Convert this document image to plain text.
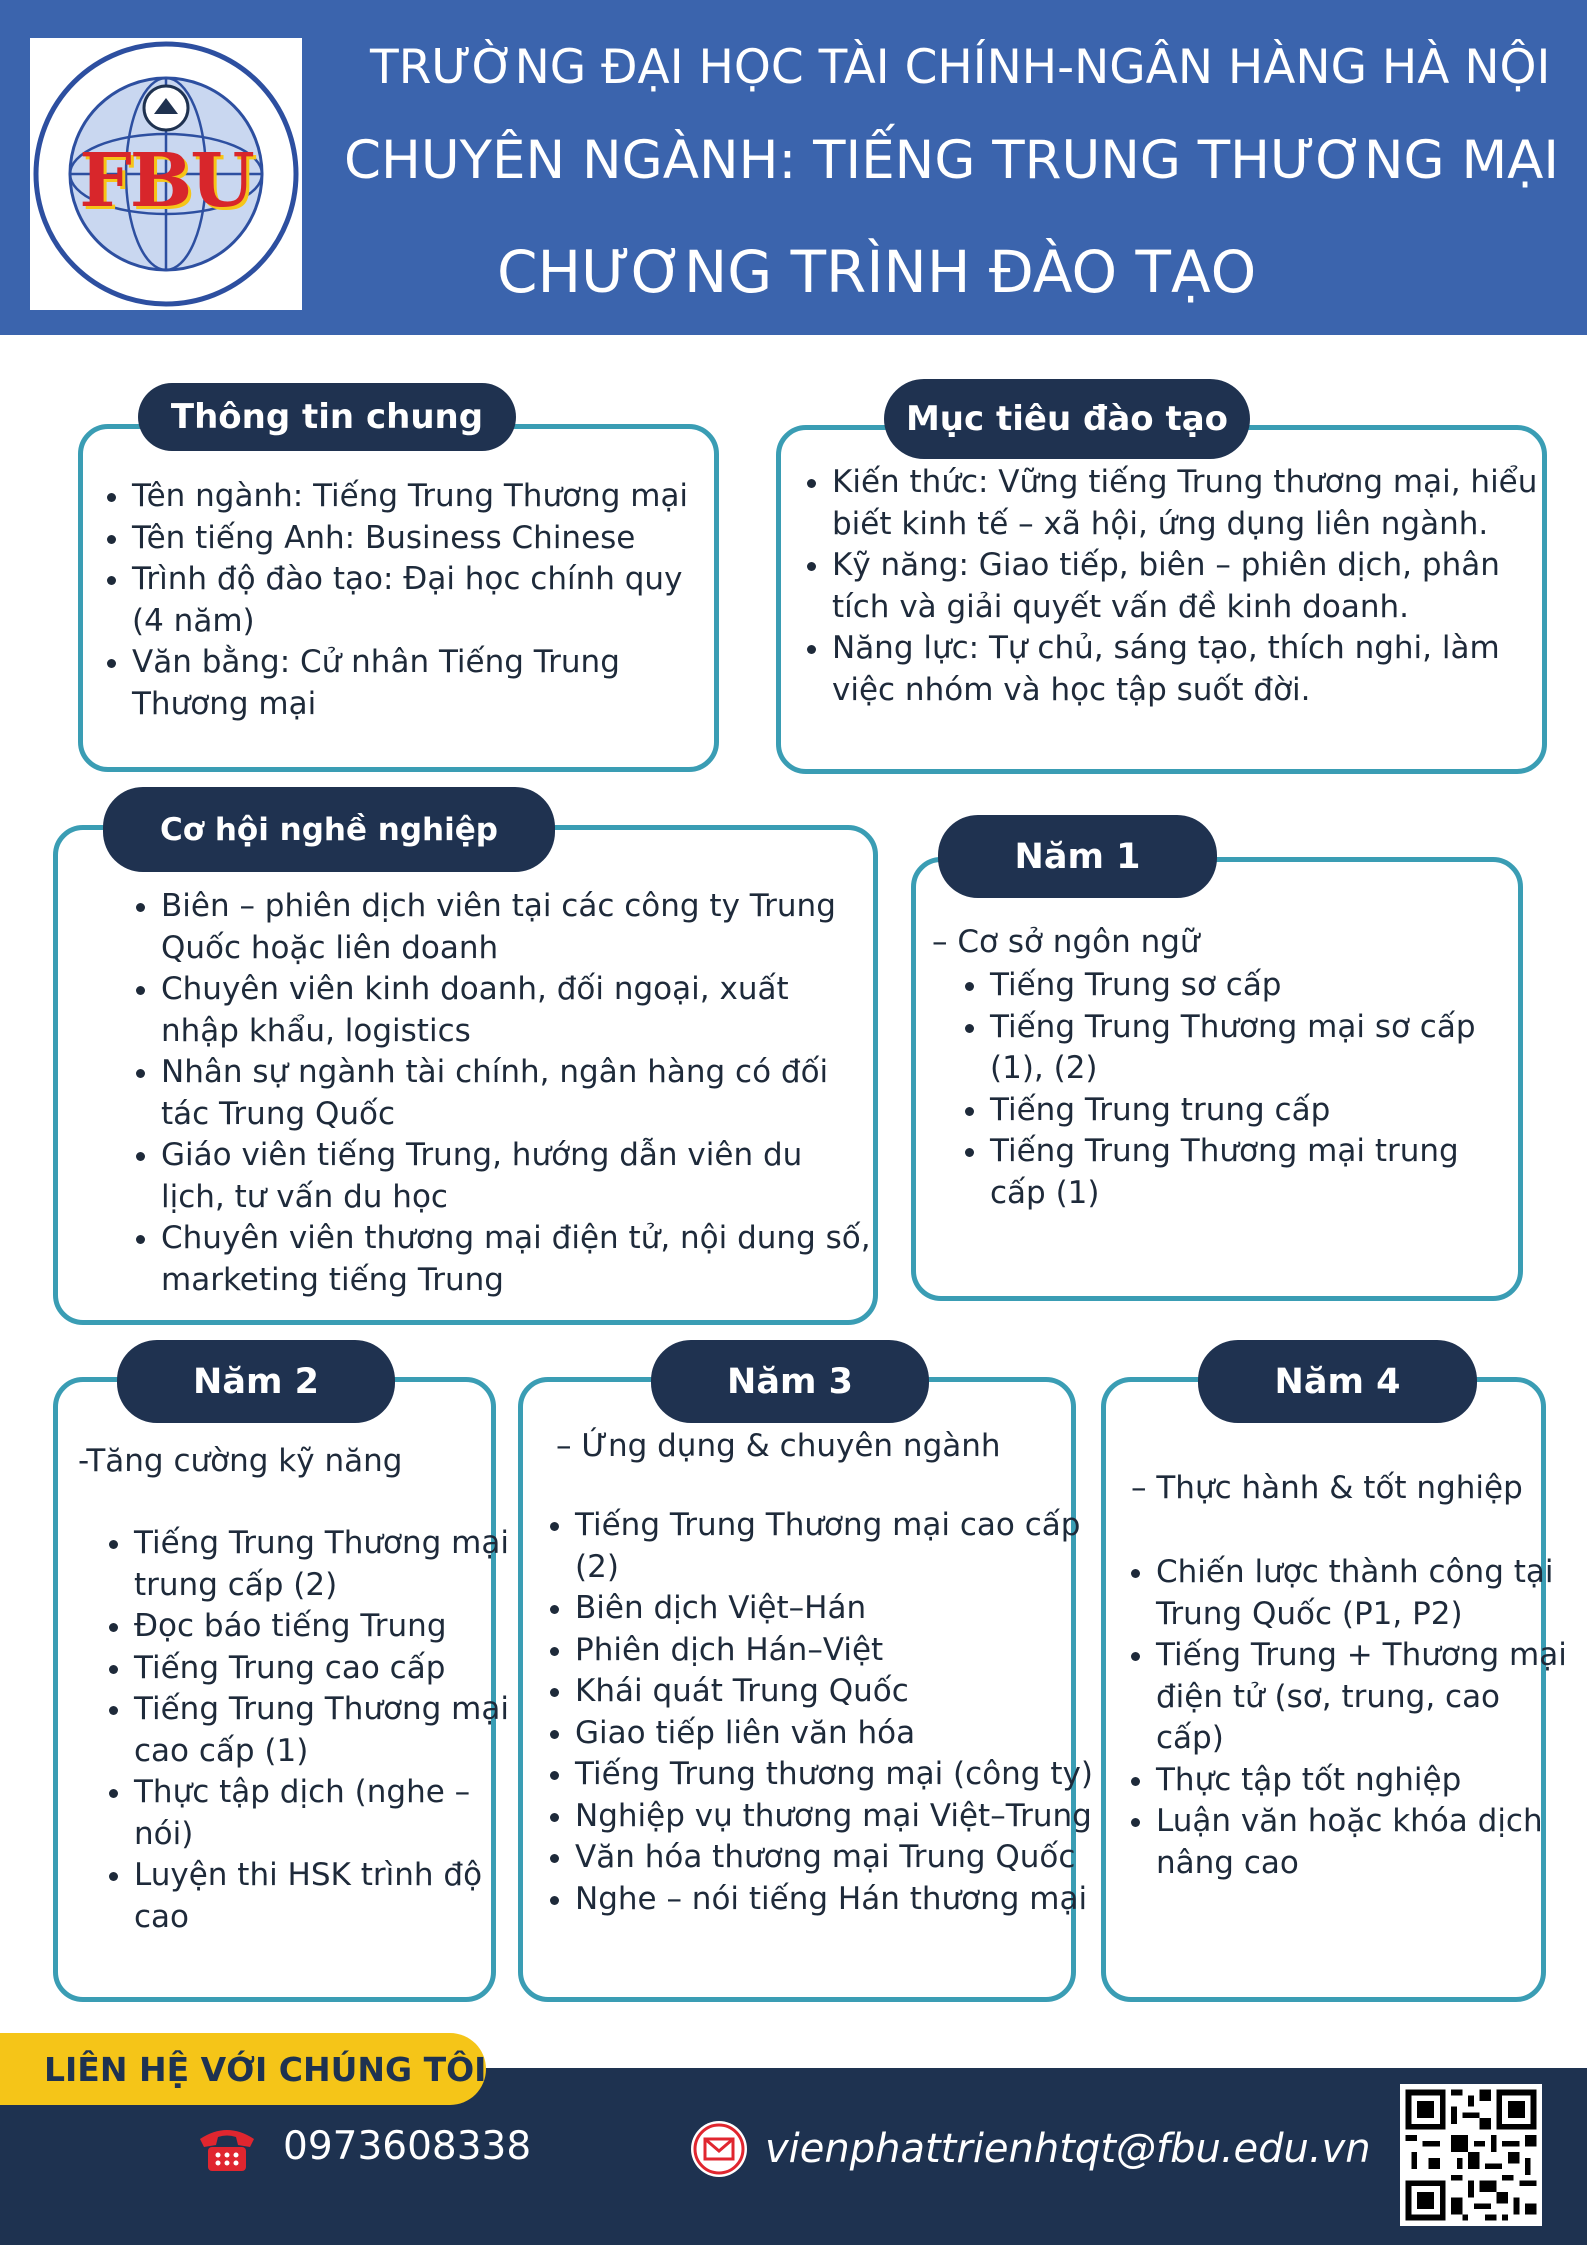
FBU
TRƯỜNG ĐẠI HỌC TÀI CHÍNH-NGÂN HÀNG HÀ NỘI
CHUYÊN NGÀNH: TIẾNG TRUNG THƯƠNG MẠI
CHƯƠNG TRÌNH ĐÀO TẠO
Thông tin chung
• Tên ngành: Tiếng Trung Thương mại
• Tên tiếng Anh: Business Chinese
• Trình độ đào tạo: Đại học chính quy (4 năm)
• Văn bằng: Cử nhân Tiếng Trung Thương mại
Mục tiêu đào tạo
• Kiến thức: Vững tiếng Trung thương mại, hiểu biết kinh tế – xã hội, ứng dụng liên ngành.
• Kỹ năng: Giao tiếp, biên – phiên dịch, phân tích và giải quyết vấn đề kinh doanh.
• Năng lực: Tự chủ, sáng tạo, thích nghi, làm việc nhóm và học tập suốt đời.
Cơ hội nghề nghiệp
• Biên – phiên dịch viên tại các công ty Trung Quốc hoặc liên doanh
• Chuyên viên kinh doanh, đối ngoại, xuất nhập khẩu, logistics
• Nhân sự ngành tài chính, ngân hàng có đối tác Trung Quốc
• Giáo viên tiếng Trung, hướng dẫn viên du lịch, tư vấn du học
• Chuyên viên thương mại điện tử, nội dung số, marketing tiếng Trung
Năm 1
– Cơ sở ngôn ngữ
• Tiếng Trung sơ cấp
• Tiếng Trung Thương mại sơ cấp (1), (2)
• Tiếng Trung trung cấp
• Tiếng Trung Thương mại trung cấp (1)
Năm 2
-Tăng cường kỹ năng
• Tiếng Trung Thương mại trung cấp (2)
• Đọc báo tiếng Trung
• Tiếng Trung cao cấp
• Tiếng Trung Thương mại cao cấp (1)
• Thực tập dịch (nghe – nói)
• Luyện thi HSK trình độ cao
Năm 3
– Ứng dụng & chuyên ngành
• Tiếng Trung Thương mại cao cấp (2)
• Biên dịch Việt–Hán
• Phiên dịch Hán–Việt
• Khái quát Trung Quốc
• Giao tiếp liên văn hóa
• Tiếng Trung thương mại (công ty)
• Nghiệp vụ thương mại Việt–Trung
• Văn hóa thương mại Trung Quốc
• Nghe – nói tiếng Hán thương mại
Năm 4
– Thực hành & tốt nghiệp
• Chiến lược thành công tại Trung Quốc (P1, P2)
• Tiếng Trung + Thương mại điện tử (sơ, trung, cao cấp)
• Thực tập tốt nghiệp
• Luận văn hoặc khóa dịch nâng cao
LIÊN HỆ VỚI CHÚNG TÔI
0973608338	vienphattrienhtqt@fbu.edu.vn
